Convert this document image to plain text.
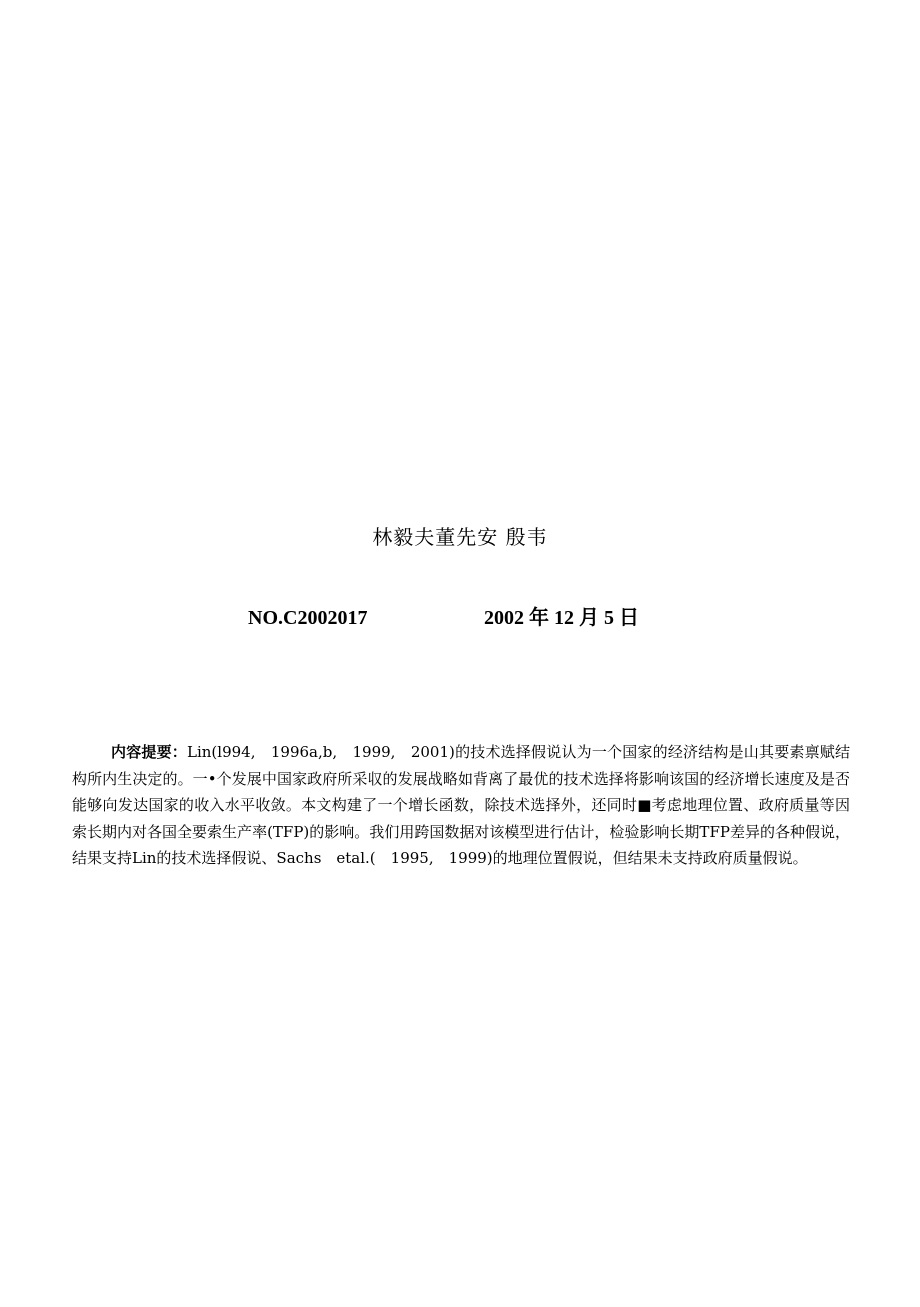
林毅夫董先安 殷韦
NO.C2002017	2002 年 12 月 5 日
内容提要：Lin(l994,　1996a,b,　1999,　2001)的技术选择假说认为一个国家的经济结构是山其要素禀赋结构所内生决定的。一•个发展中国家政府所采収的发展战略如背离了最优的技术选择将影响该国的经济增长速度及是否能够向发达国家的收入水平收敛。本文构建了一个增长函数，除技术选择外，还同时■考虑地理位置、政府质量等因索长期内对各国全要索生产率(TFP)的影响。我们用跨国数据对该模型进行估计，检验影响长期TFP差异的各种假说，结果支持Lin的技术选择假说、Sachs　etal.(　1995,　1999)的地理位置假说，但结果未支持政府质量假说。
